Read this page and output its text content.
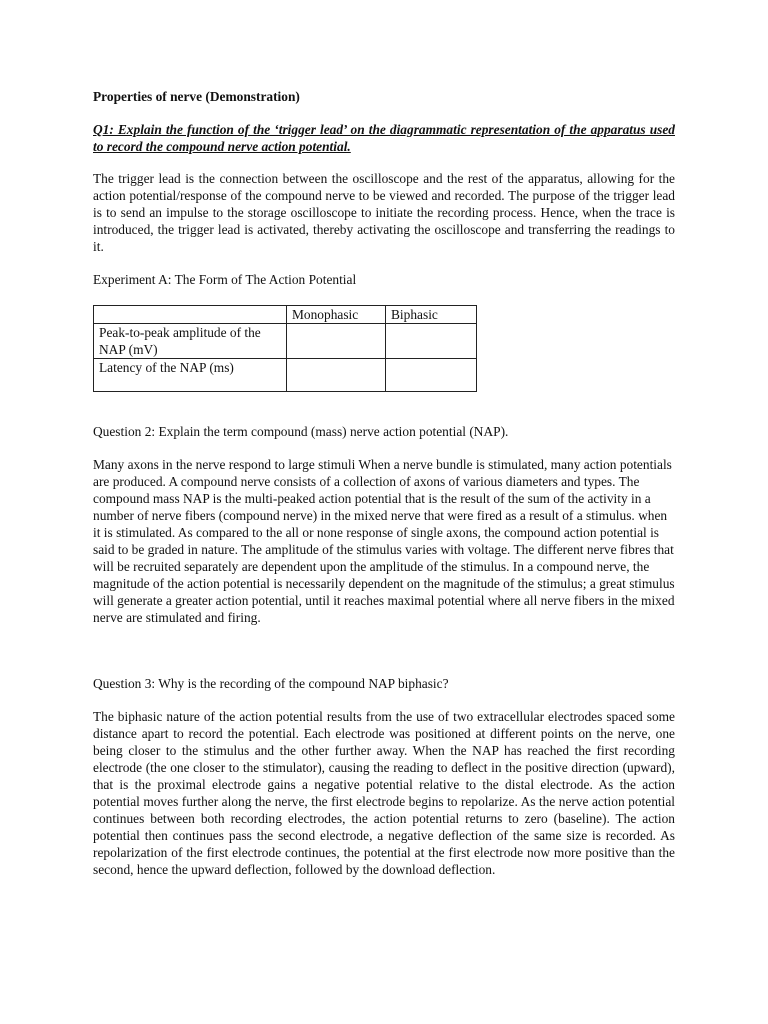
Properties of nerve (Demonstration)
Q1: Explain the function of the ‘trigger lead’ on the diagrammatic representation of the apparatus used to record the compound nerve action potential.

The trigger lead is the connection between the oscilloscope and the rest of the apparatus, allowing for the action potential/response of the compound nerve to be viewed and recorded. The purpose of the trigger lead is to send an impulse to the storage oscilloscope to initiate the recording process. Hence, when the trace is introduced, the trigger lead is activated, thereby activating the oscilloscope and transferring the readings to it.

Experiment A: The Form of The Action Potential
	Monophasic	Biphasic
Peak-to-peak amplitude of the NAP (mV)		
Latency of the NAP (ms)		
Question 2: Explain the term compound (mass) nerve action potential (NAP).

Many axons in the nerve respond to large stimuli When a nerve bundle is stimulated, many action potentials are produced. A compound nerve consists of a collection of axons of various diameters and types. The compound mass NAP is the multi-peaked action potential that is the result of the sum of the activity in a number of nerve fibers (compound nerve) in the mixed nerve that were fired as a result of a stimulus. when it is stimulated. As compared to the all or none response of single axons, the compound action potential is said to be graded in nature. The amplitude of the stimulus varies with voltage. The different nerve fibres that will be recruited separately are dependent upon the amplitude of the stimulus. In a compound nerve, the magnitude of the action potential is necessarily dependent on the magnitude of the stimulus; a great stimulus will generate a greater action potential, until it reaches maximal potential where all nerve fibers in the mixed nerve are stimulated and firing.

Question 3: Why is the recording of the compound NAP biphasic?

The biphasic nature of the action potential results from the use of two extracellular electrodes spaced some distance apart to record the potential. Each electrode was positioned at different points on the nerve, one being closer to the stimulus and the other further away. When the NAP has reached the first recording electrode (the one closer to the stimulator), causing the reading to deflect in the positive direction (upward), that is the proximal electrode gains a negative potential relative to the distal electrode. As the action potential moves further along the nerve, the first electrode begins to repolarize. As the nerve action potential continues between both recording electrodes, the action potential returns to zero (baseline). The action potential then continues pass the second electrode, a negative deflection of the same size is recorded. As repolarization of the first electrode continues, the potential at the first electrode now more positive than the second, hence the upward deflection, followed by the download deflection.
